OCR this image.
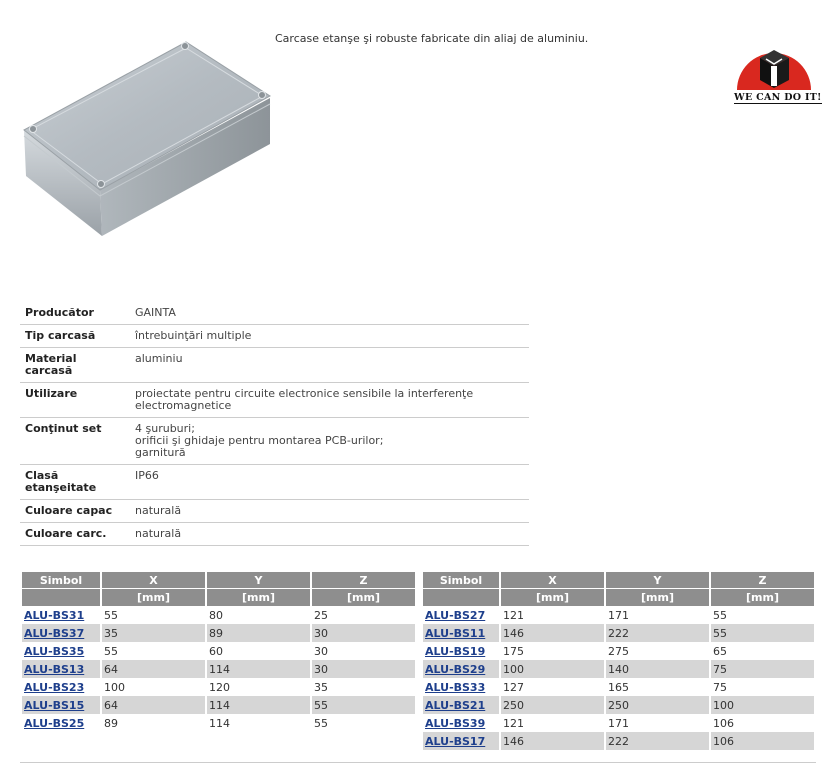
Carcase etanşe şi robuste fabricate din aliaj de aluminiu.
WE CAN DO IT!
Producător	GAINTA
Tip carcasă	întrebuinţări multiple
Material carcasă	aluminiu
Utilizare	proiectate pentru circuite electronice sensibile la interferenţe electromagnetice
Conţinut set	4 şuruburi;
orificii şi ghidaje pentru montarea PCB-urilor;
garnitură
Clasă etanşeitate	IP66
Culoare capac	naturală
Culoare carc.	naturală
Simbol	X	Y	Z
	[mm]	[mm]	[mm]
ALU-BS31	55	80	25
ALU-BS37	35	89	30
ALU-BS35	55	60	30
ALU-BS13	64	114	30
ALU-BS23	100	120	35
ALU-BS15	64	114	55
ALU-BS25	89	114	55
Simbol	X	Y	Z
	[mm]	[mm]	[mm]
ALU-BS27	121	171	55
ALU-BS11	146	222	55
ALU-BS19	175	275	65
ALU-BS29	100	140	75
ALU-BS33	127	165	75
ALU-BS21	250	250	100
ALU-BS39	121	171	106
ALU-BS17	146	222	106
